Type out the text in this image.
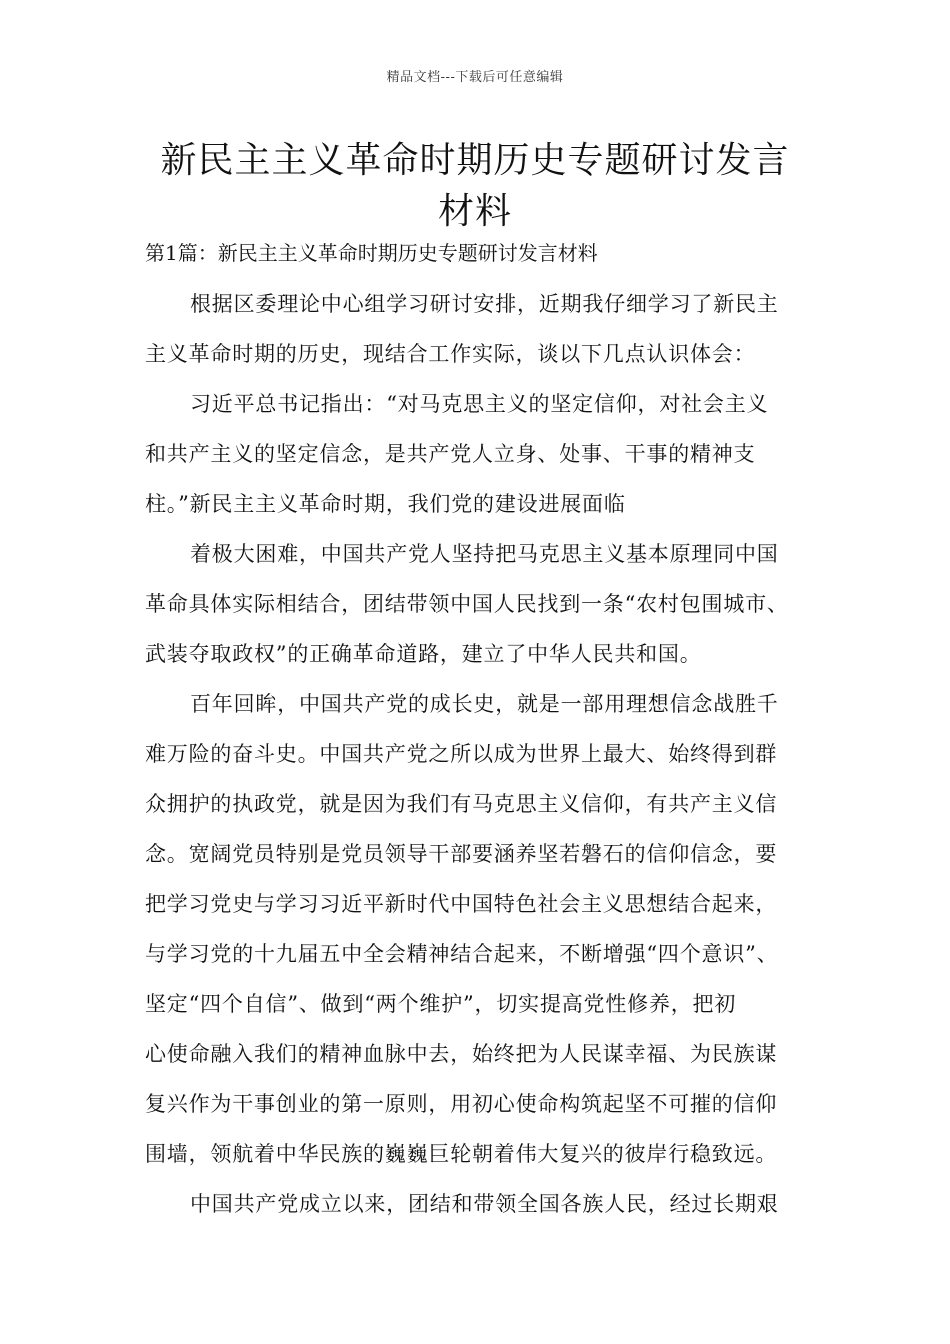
精品文档---下载后可任意编辑
新民主主义革命时期历史专题研讨发言
材料
第1篇：新民主主义革命时期历史专题研讨发言材料
根据区委理论中心组学习研讨安排，近期我仔细学习了新民主
主义革命时期的历史，现结合工作实际，谈以下几点认识体会：
习近平总书记指出：“对马克思主义的坚定信仰，对社会主义
和共产主义的坚定信念，是共产党人立身、处事、干事的精神支
柱。”新民主主义革命时期，我们党的建设进展面临
着极大困难，中国共产党人坚持把马克思主义基本原理同中国
革命具体实际相结合，团结带领中国人民找到一条“农村包围城市、
武装夺取政权”的正确革命道路，建立了中华人民共和国。
百年回眸，中国共产党的成长史，就是一部用理想信念战胜千
难万险的奋斗史。中国共产党之所以成为世界上最大、始终得到群
众拥护的执政党，就是因为我们有马克思主义信仰，有共产主义信
念。宽阔党员特别是党员领导干部要涵养坚若磐石的信仰信念，要
把学习党史与学习习近平新时代中国特色社会主义思想结合起来，
与学习党的十九届五中全会精神结合起来，不断增强“四个意识”、
坚定“四个自信”、做到“两个维护”，切实提高党性修养，把初
心使命融入我们的精神血脉中去，始终把为人民谋幸福、为民族谋
复兴作为干事创业的第一原则，用初心使命构筑起坚不可摧的信仰
围墙，领航着中华民族的巍巍巨轮朝着伟大复兴的彼岸行稳致远。
中国共产党成立以来，团结和带领全国各族人民，经过长期艰
